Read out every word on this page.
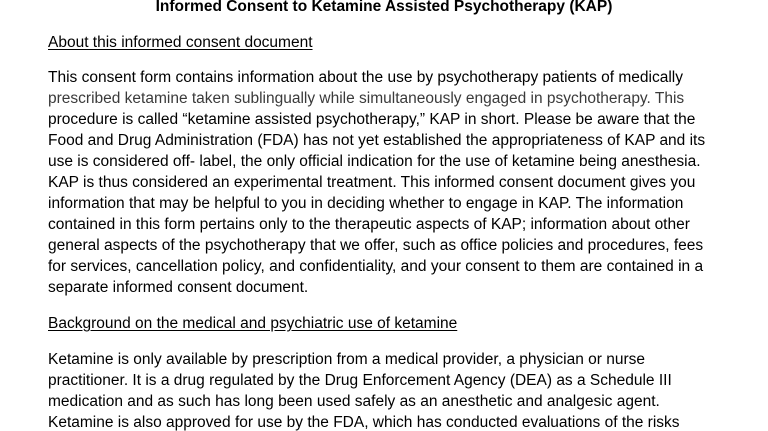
Informed Consent to Ketamine Assisted Psychotherapy (KAP)
About this informed consent document

This consent form contains information about the use by psychotherapy patients of medically
prescribed ketamine taken sublingually while simultaneously engaged in psychotherapy. This
procedure is called “ketamine assisted psychotherapy,” KAP in short. Please be aware that the
Food and Drug Administration (FDA) has not yet established the appropriateness of KAP and its
use is considered off- label, the only official indication for the use of ketamine being anesthesia.
KAP is thus considered an experimental treatment. This informed consent document gives you
information that may be helpful to you in deciding whether to engage in KAP. The information
contained in this form pertains only to the therapeutic aspects of KAP; information about other
general aspects of the psychotherapy that we offer, such as office policies and procedures, fees
for services, cancellation policy, and confidentiality, and your consent to them are contained in a
separate informed consent document.

Background on the medical and psychiatric use of ketamine

Ketamine is only available by prescription from a medical provider, a physician or nurse
practitioner. It is a drug regulated by the Drug Enforcement Agency (DEA) as a Schedule III
medication and as such has long been used safely as an anesthetic and analgesic agent.
Ketamine is also approved for use by the FDA, which has conducted evaluations of the risks
